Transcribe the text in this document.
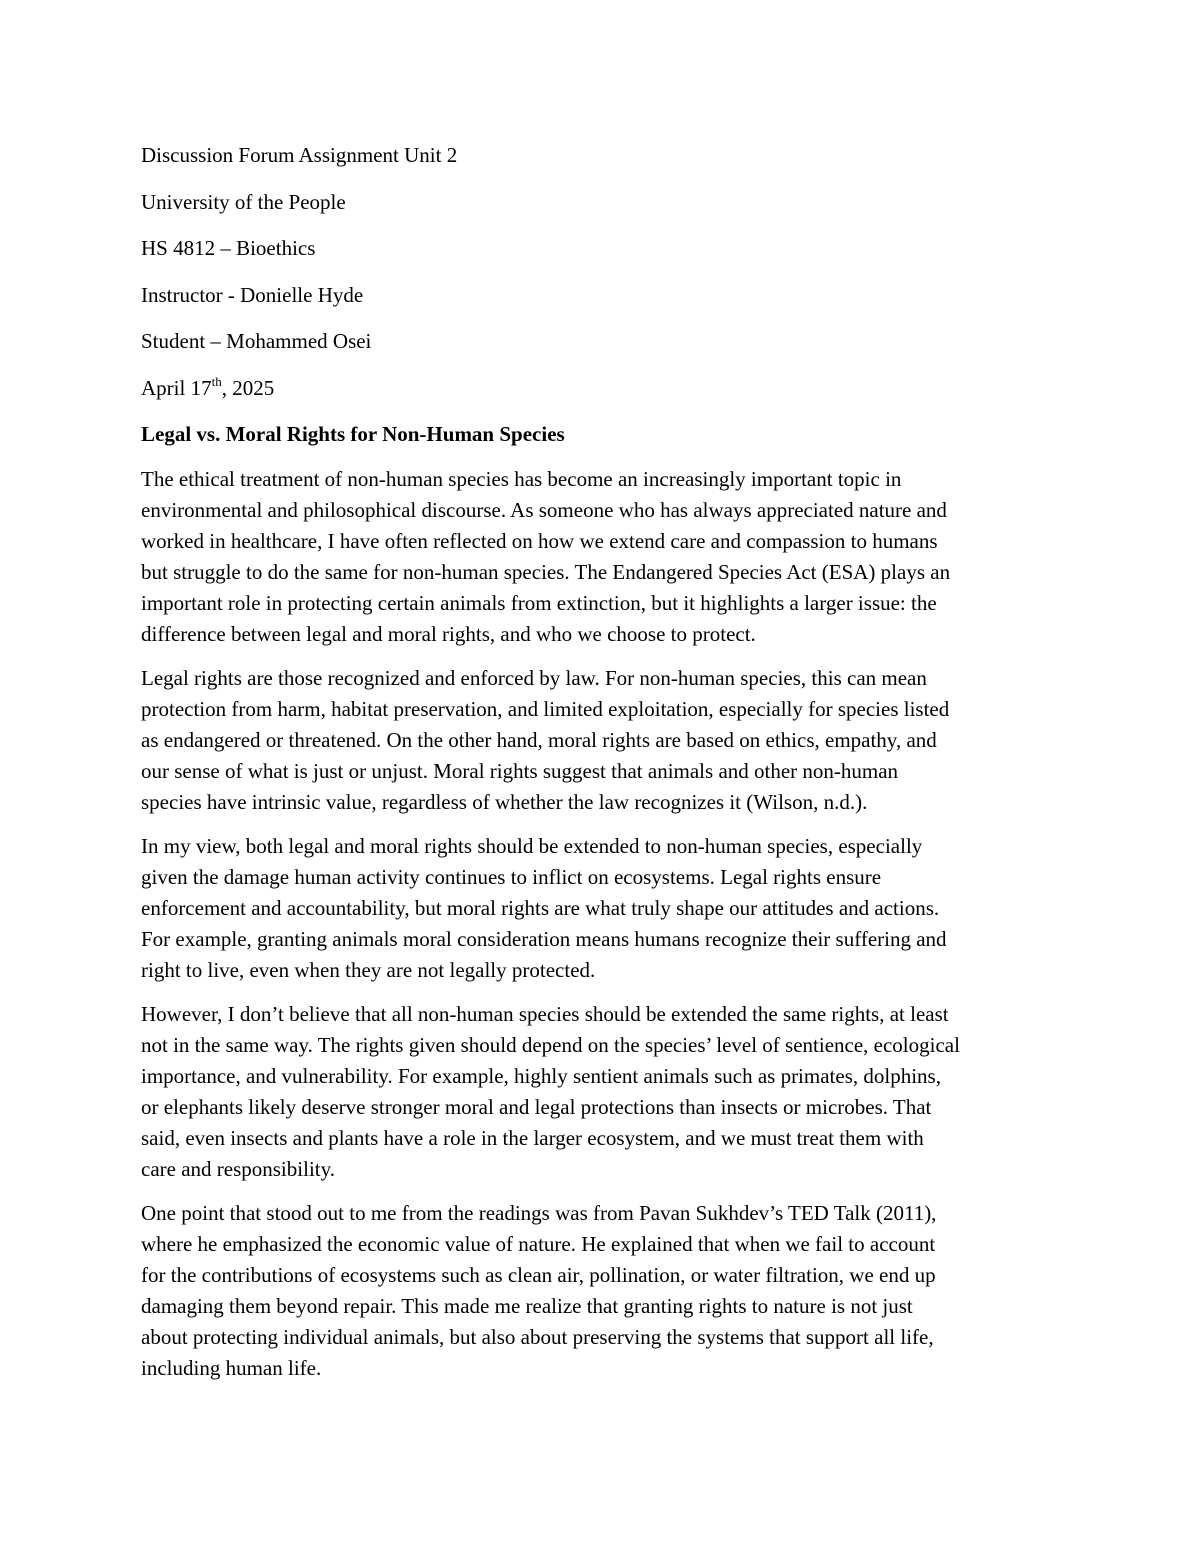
Discussion Forum Assignment Unit 2
University of the People
HS 4812 – Bioethics
Instructor - Donielle Hyde
Student – Mohammed Osei
April 17th, 2025
Legal vs. Moral Rights for Non-Human Species
The ethical treatment of non-human species has become an increasingly important topic in
environmental and philosophical discourse. As someone who has always appreciated nature and
worked in healthcare, I have often reflected on how we extend care and compassion to humans
but struggle to do the same for non-human species. The Endangered Species Act (ESA) plays an
important role in protecting certain animals from extinction, but it highlights a larger issue: the
difference between legal and moral rights, and who we choose to protect.
Legal rights are those recognized and enforced by law. For non-human species, this can mean
protection from harm, habitat preservation, and limited exploitation, especially for species listed
as endangered or threatened. On the other hand, moral rights are based on ethics, empathy, and
our sense of what is just or unjust. Moral rights suggest that animals and other non-human
species have intrinsic value, regardless of whether the law recognizes it (Wilson, n.d.).
In my view, both legal and moral rights should be extended to non-human species, especially
given the damage human activity continues to inflict on ecosystems. Legal rights ensure
enforcement and accountability, but moral rights are what truly shape our attitudes and actions.
For example, granting animals moral consideration means humans recognize their suffering and
right to live, even when they are not legally protected.
However, I don’t believe that all non-human species should be extended the same rights, at least
not in the same way. The rights given should depend on the species’ level of sentience, ecological
importance, and vulnerability. For example, highly sentient animals such as primates, dolphins,
or elephants likely deserve stronger moral and legal protections than insects or microbes. That
said, even insects and plants have a role in the larger ecosystem, and we must treat them with
care and responsibility.
One point that stood out to me from the readings was from Pavan Sukhdev’s TED Talk (2011),
where he emphasized the economic value of nature. He explained that when we fail to account
for the contributions of ecosystems such as clean air, pollination, or water filtration, we end up
damaging them beyond repair. This made me realize that granting rights to nature is not just
about protecting individual animals, but also about preserving the systems that support all life,
including human life.
